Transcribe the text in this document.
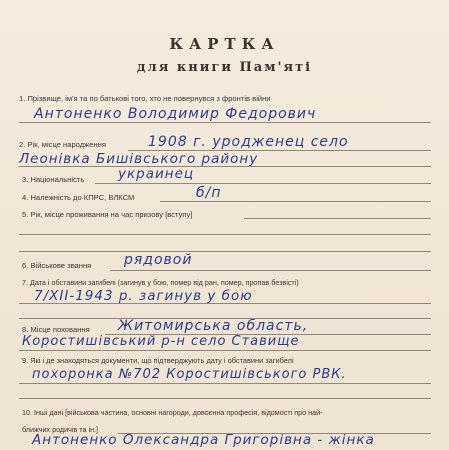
КАРТКА
для книги Пам'яті
1. Прізвище, ім'я та по батькові того, хто не повернувся з фронтів війни
Антоненко Володимир Федорович
2. Рік, місце народження	1908 г. уродженец село
Леонівка Бишівського району
3. Національність украинец
4. Належність до КПРС, ВЛКСМ	б/п
5. Рік, місце проживання на час призову [вступу]
6. Військове звання рядовой
7. Дата і обставини загибелі (загинув у бою, помер від ран, помер, пропав безвісті)
7/XII-1943 р. загинув у бою
8. Місце поховання Житомирська область,
Коростишівський р-н село Ставище
9. Які і де знаходяться документи, що підтверджують дату і обставини загибелі
похоронка №702 Коростишівського РВК.
10. Інші дані [військова частина, основні нагороди, довоєнна професія, відомості про най-
ближчих родичів та ін.]
Антоненко Олександра Григорівна - жінка
